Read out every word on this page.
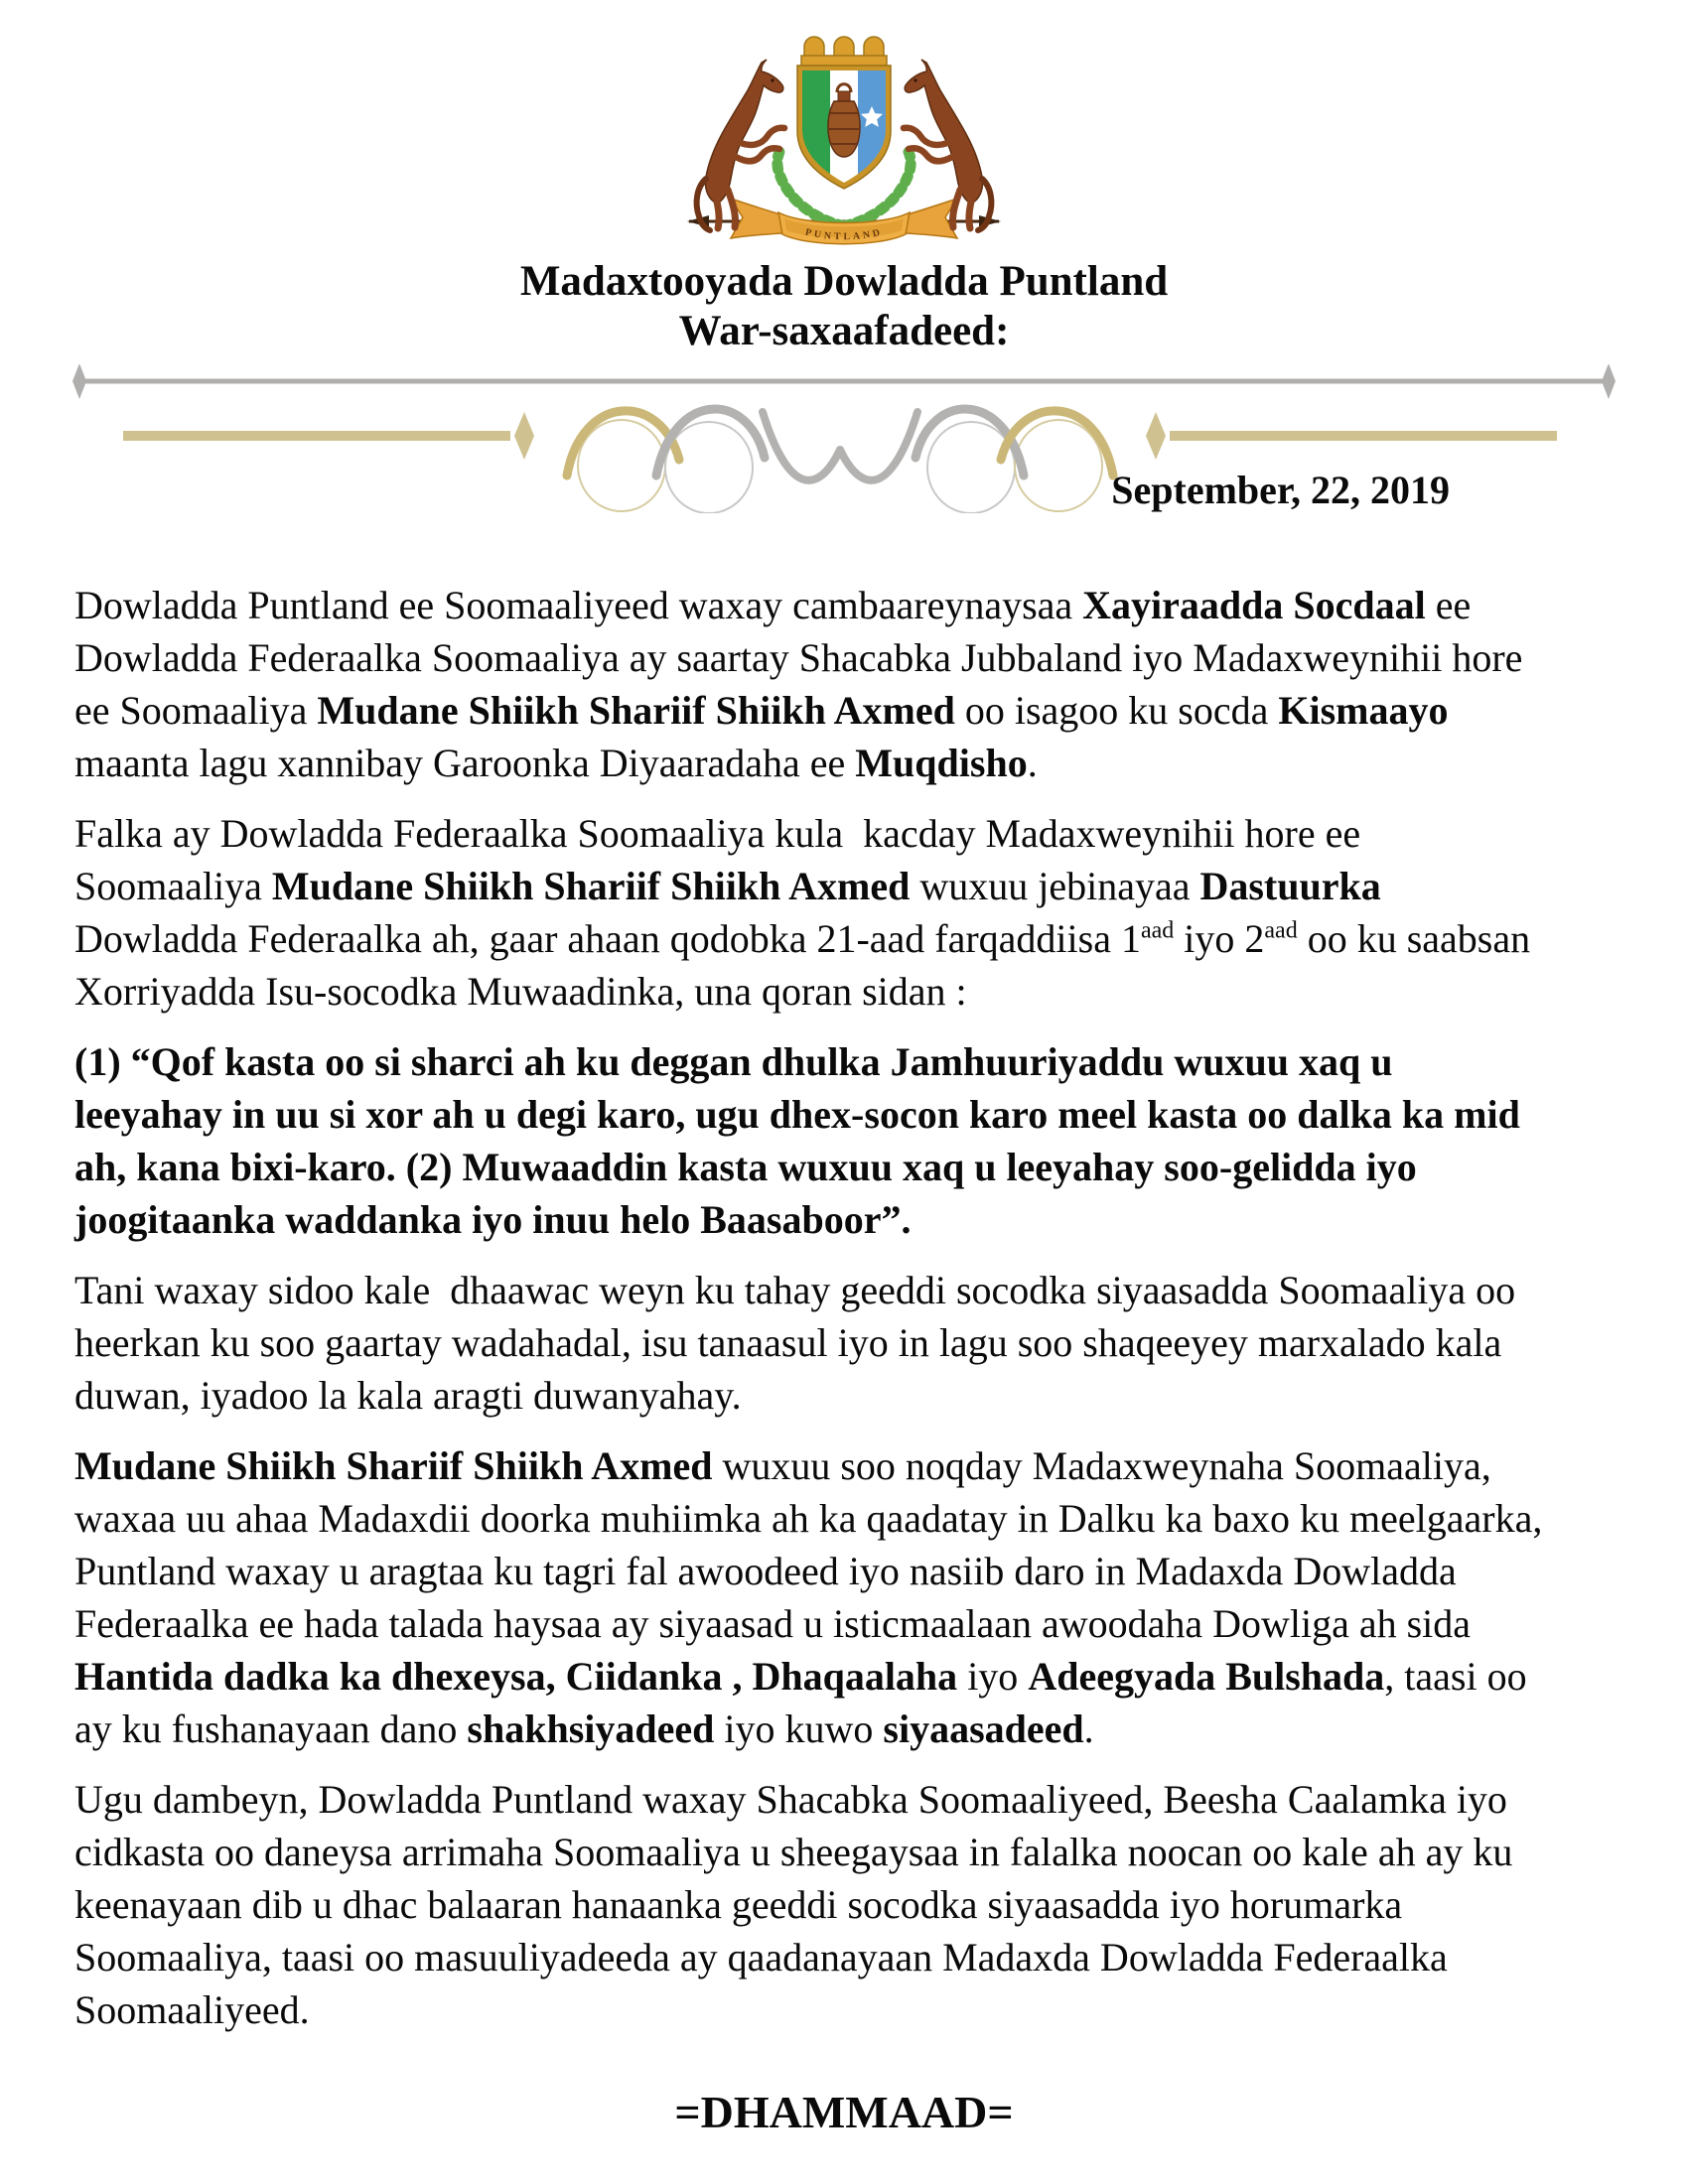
PUNTLAND
Madaxtooyada Dowladda Puntland
War-saxaafadeed:
September, 22, 2019

Dowladda Puntland ee Soomaaliyeed waxay cambaareynaysaa Xayiraadda Socdaal ee Dowladda Federaalka Soomaaliya ay saartay Shacabka Jubbaland iyo Madaxweynihii hore ee Soomaaliya Mudane Shiikh Shariif Shiikh Axmed oo isagoo ku socda Kismaayo maanta lagu xannibay Garoonka Diyaaradaha ee Muqdisho.

Falka ay Dowladda Federaalka Soomaaliya kula  kacday Madaxweynihii hore ee Soomaaliya Mudane Shiikh Shariif Shiikh Axmed wuxuu jebinayaa Dastuurka Dowladda Federaalka ah, gaar ahaan qodobka 21-aad farqaddiisa $1^{aad}$ iyo $2^{aad}$ oo ku saabsan Xorriyadda Isu-socodka Muwaadinka, una qoran sidan :

(1) “Qof kasta oo si sharci ah ku deggan dhulka Jamhuuriyaddu wuxuu xaq u leeyahay in uu si xor ah u degi karo, ugu dhex-socon karo meel kasta oo dalka ka mid ah, kana bixi-karo. (2) Muwaaddin kasta wuxuu xaq u leeyahay soo-gelidda iyo joogitaanka waddanka iyo inuu helo Baasaboor”.

Tani waxay sidoo kale  dhaawac weyn ku tahay geeddi socodka siyaasadda Soomaaliya oo heerkan ku soo gaartay wadahadal, isu tanaasul iyo in lagu soo shaqeeyey marxalado kala duwan, iyadoo la kala aragti duwanyahay.

Mudane Shiikh Shariif Shiikh Axmed wuxuu soo noqday Madaxweynaha Soomaaliya, waxaa uu ahaa Madaxdii doorka muhiimka ah ka qaadatay in Dalku ka baxo ku meelgaarka, Puntland waxay u aragtaa ku tagri fal awoodeed iyo nasiib daro in Madaxda Dowladda Federaalka ee hada talada haysaa ay siyaasad u isticmaalaan awoodaha Dowliga ah sida Hantida dadka ka dhexeysa, Ciidanka , Dhaqaalaha iyo Adeegyada Bulshada, taasi oo ay ku fushanayaan dano shakhsiyadeed iyo kuwo siyaasadeed.

Ugu dambeyn, Dowladda Puntland waxay Shacabka Soomaaliyeed, Beesha Caalamka iyo cidkasta oo daneysa arrimaha Soomaaliya u sheegaysaa in falalka noocan oo kale ah ay ku keenayaan dib u dhac balaaran hanaanka geeddi socodka siyaasadda iyo horumarka Soomaaliya, taasi oo masuuliyadeeda ay qaadanayaan Madaxda Dowladda Federaalka Soomaaliyeed.

=DHAMMAAD=
